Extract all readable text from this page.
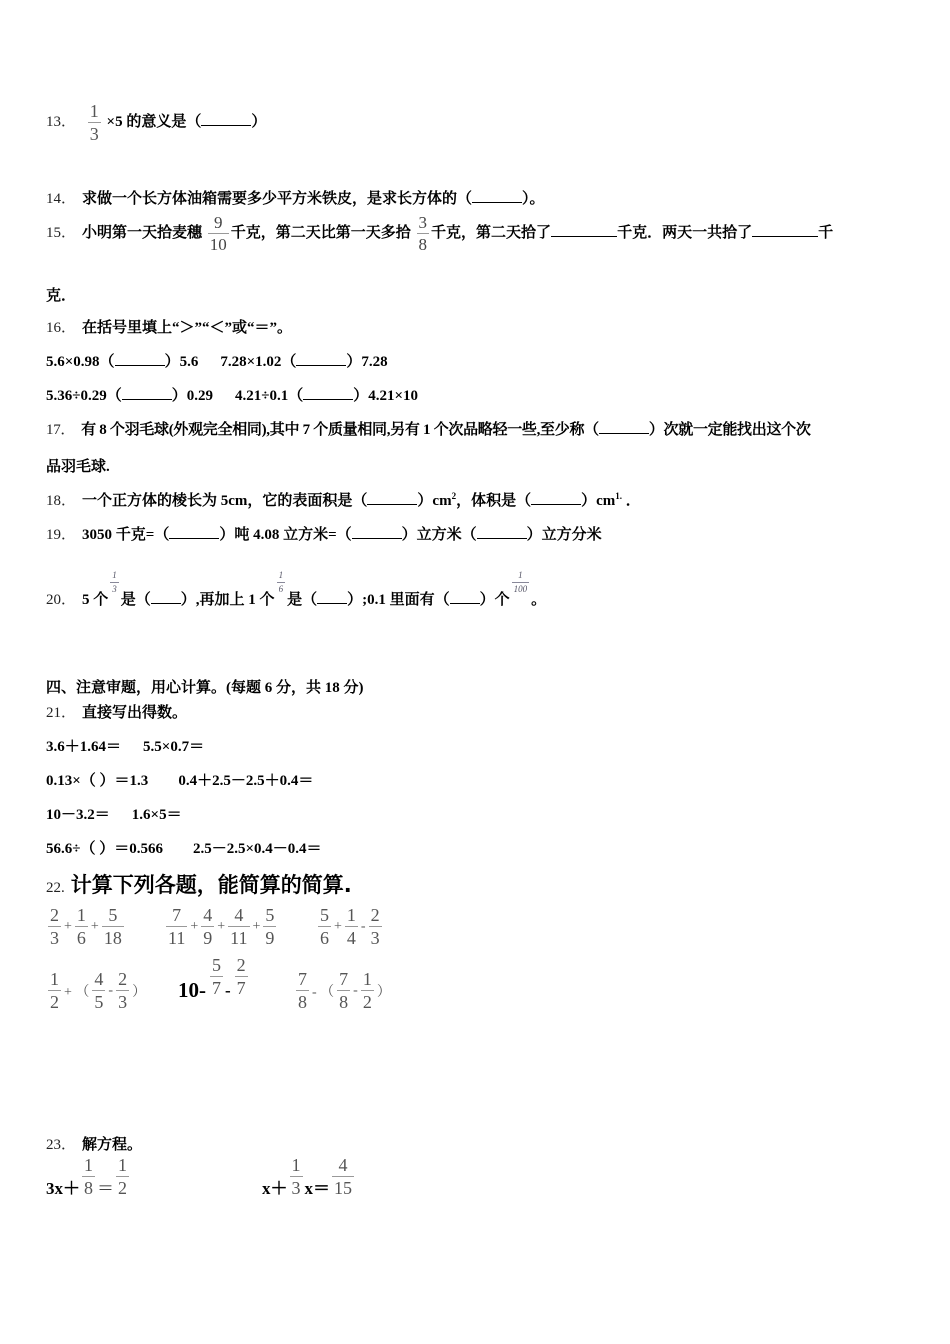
13． $\frac{1}{3} \times 5$ 的意义是（	）
14． 求做一个长方体油箱需要多少平方米铁皮，是求长方体的（	）。
15． 小明第一天拾麦穗 $\frac{9}{10}$ 千克，第二天比第一天多拾 $\frac{3}{8}$ 千克，第二天拾了	千克．两天一共拾了	千
克．
16． 在括号里填上“＞”“＜”或“＝”。
5.6×0.98（	）5.6 7.28×1.02（	）7.28
5.36÷0.29（	）0.29 4.21÷0.1（	）4.21×10
17． 有 8 个羽毛球(外观完全相同),其中 7 个质量相同,另有 1 个次品略轻一些,至少称（	）次就一定能找出这个次
品羽毛球.
18． 一个正方体的棱长为 5cm，它的表面积是（	）$cm^2$，体积是（	）$cm^{1.}$ ．
19． 3050 千克=（	）吨 4.08 立方米=（	）立方米（	）立方分米
20． 5 个
$\frac{1}{3}$
是（ ）,再加上 1 个
$\frac{1}{6}$
是（ ）;0.1 里面有（ ）个
$\frac{1}{100}$
。
四、注意审题，用心计算。(每题 6 分，共 18 分)
21． 直接写出得数。
3.6＋1.64＝ 5.5×0.7＝
0.13×（ ）＝1.3 0.4＋2.5－2.5＋0.4＝
10－3.2＝ 1.6×5＝
56.6÷（ ）＝0.566 2.5－2.5×0.4－0.4＝
22. 计算下列各题，能简算的简算.
$\frac{2}{3} + \frac{1}{6} + \frac{5}{18} \frac{7}{11} + \frac{4}{9} + \frac{4}{11} + \frac{5}{9} \frac{5}{6} + \frac{1}{4} - \frac{2}{3}$
$\frac{1}{2}$ + （ $\frac{4}{5} - \frac{2}{3}$ ） $10- \frac{5}{7} - \frac{2}{7}$	$\frac{7}{8}$ - （ $\frac{7}{8} - \frac{1}{2}$ ）
23． 解方程。
$3x+ \frac{1}{8} = \frac{1}{2}$	$x+ \frac{1}{3} x= \frac{4}{15}$
